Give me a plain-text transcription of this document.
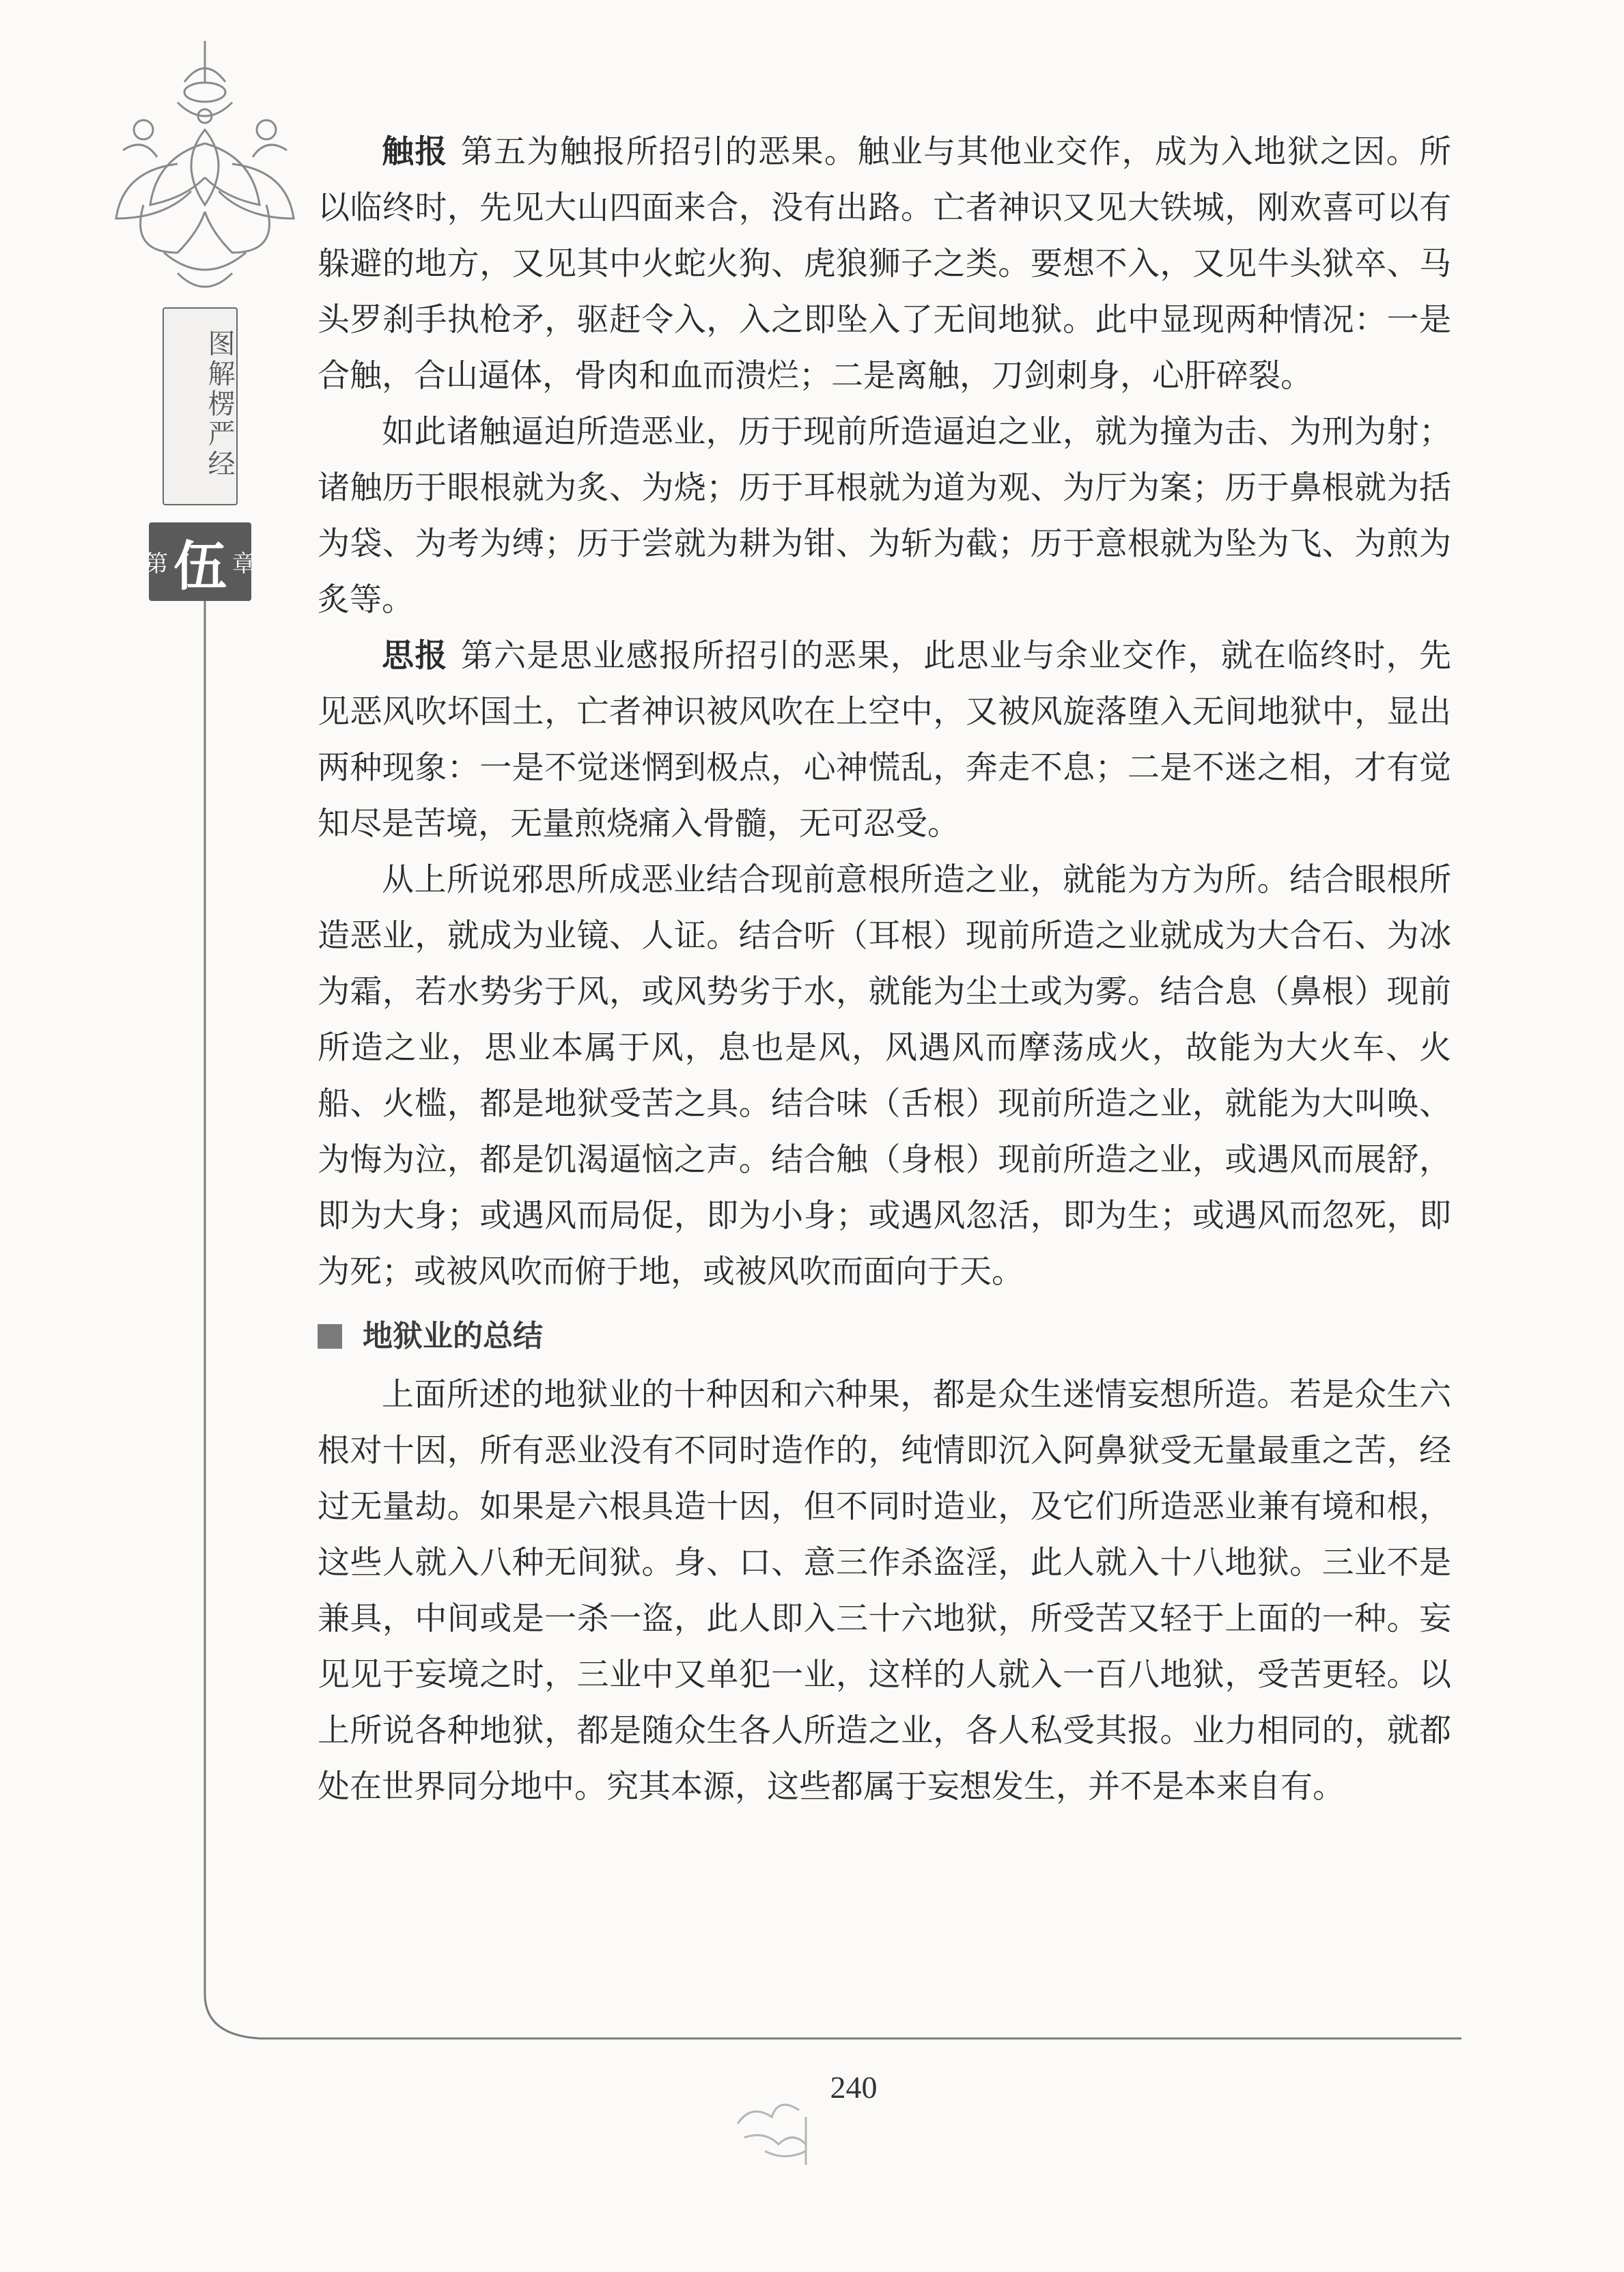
图解楞严经
第 伍 章

触报 第五为触报所招引的恶果。触业与其他业交作，成为入地狱之因。所以临终时，先见大山四面来合，没有出路。亡者神识又见大铁城，刚欢喜可以有躲避的地方，又见其中火蛇火狗、虎狼狮子之类。要想不入，又见牛头狱卒、马头罗刹手执枪矛，驱赶令入，入之即坠入了无间地狱。此中显现两种情况：一是合触，合山逼体，骨肉和血而溃烂；二是离触，刀剑刺身，心肝碎裂。

如此诸触逼迫所造恶业，历于现前所造逼迫之业，就为撞为击、为刑为射；诸触历于眼根就为炙、为烧；历于耳根就为道为观、为厅为案；历于鼻根就为括为袋、为考为缚；历于尝就为耕为钳、为斩为截；历于意根就为坠为飞、为煎为炙等。

思报 第六是思业感报所招引的恶果，此思业与余业交作，就在临终时，先见恶风吹坏国土，亡者神识被风吹在上空中，又被风旋落堕入无间地狱中，显出两种现象：一是不觉迷惘到极点，心神慌乱，奔走不息；二是不迷之相，才有觉知尽是苦境，无量煎烧痛入骨髓，无可忍受。

从上所说邪思所成恶业结合现前意根所造之业，就能为方为所。结合眼根所造恶业，就成为业镜、人证。结合听（耳根）现前所造之业就成为大合石、为冰为霜，若水势劣于风，或风势劣于水，就能为尘土或为雾。结合息（鼻根）现前所造之业，思业本属于风，息也是风，风遇风而摩荡成火，故能为大火车、火船、火槛，都是地狱受苦之具。结合味（舌根）现前所造之业，就能为大叫唤、为悔为泣，都是饥渴逼恼之声。结合触（身根）现前所造之业，或遇风而展舒，即为大身；或遇风而局促，即为小身；或遇风忽活，即为生；或遇风而忽死，即为死；或被风吹而俯于地，或被风吹而面向于天。

地狱业的总结

上面所述的地狱业的十种因和六种果，都是众生迷情妄想所造。若是众生六根对十因，所有恶业没有不同时造作的，纯情即沉入阿鼻狱受无量最重之苦，经过无量劫。如果是六根具造十因，但不同时造业，及它们所造恶业兼有境和根，这些人就入八种无间狱。身、口、意三作杀盗淫，此人就入十八地狱。三业不是兼具，中间或是一杀一盗，此人即入三十六地狱，所受苦又轻于上面的一种。妄见见于妄境之时，三业中又单犯一业，这样的人就入一百八地狱，受苦更轻。以上所说各种地狱，都是随众生各人所造之业，各人私受其报。业力相同的，就都处在世界同分地中。究其本源，这些都属于妄想发生，并不是本来自有。

240
